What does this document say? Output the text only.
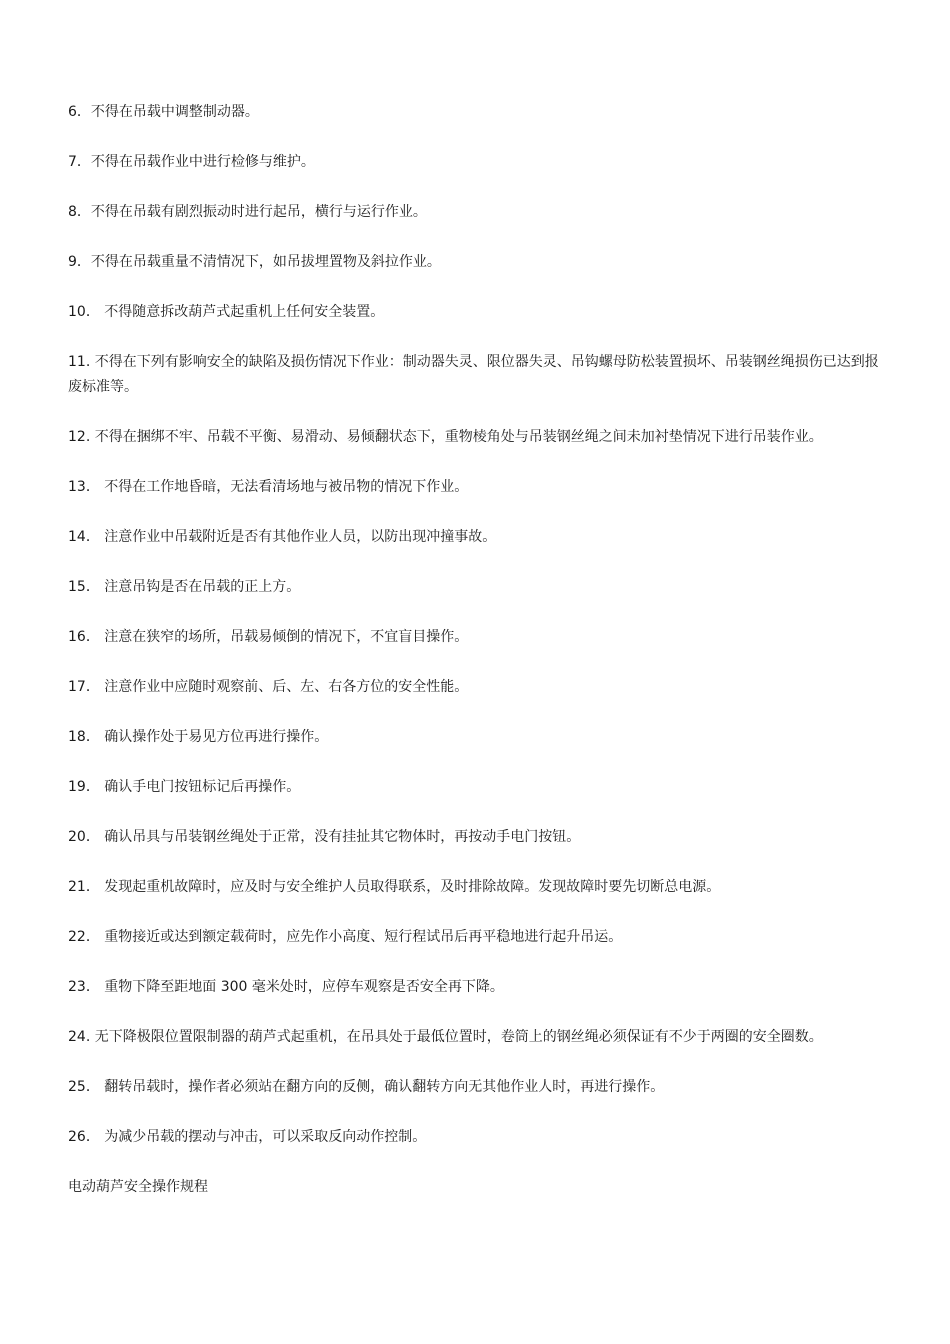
6．不得在吊载中调整制动器。

7．不得在吊载作业中进行检修与维护。

8．不得在吊载有剧烈振动时进行起吊，横行与运行作业。

9．不得在吊载重量不清情况下，如吊拔埋置物及斜拉作业。

10． 不得随意拆改葫芦式起重机上任何安全装置。

11. 不得在下列有影响安全的缺陷及损伤情况下作业：制动器失灵、限位器失灵、吊钩螺母防松装置损坏、吊装钢丝绳损伤已达到报废标准等。

12. 不得在捆绑不牢、吊载不平衡、易滑动、易倾翻状态下，重物棱角处与吊装钢丝绳之间未加衬垫情况下进行吊装作业。

13． 不得在工作地昏暗，无法看清场地与被吊物的情况下作业。

14． 注意作业中吊载附近是否有其他作业人员，以防出现冲撞事故。

15． 注意吊钩是否在吊载的正上方。

16． 注意在狭窄的场所，吊载易倾倒的情况下，不宜盲目操作。

17． 注意作业中应随时观察前、后、左、右各方位的安全性能。

18． 确认操作处于易见方位再进行操作。

19． 确认手电门按钮标记后再操作。

20． 确认吊具与吊装钢丝绳处于正常，没有挂扯其它物体时，再按动手电门按钮。

21． 发现起重机故障时，应及时与安全维护人员取得联系，及时排除故障。发现故障时要先切断总电源。

22． 重物接近或达到额定载荷时，应先作小高度、短行程试吊后再平稳地进行起升吊运。

23． 重物下降至距地面 300 毫米处时，应停车观察是否安全再下降。

24. 无下降极限位置限制器的葫芦式起重机，在吊具处于最低位置时，卷筒上的钢丝绳必须保证有不少于两圈的安全圈数。

25． 翻转吊载时，操作者必须站在翻方向的反侧，确认翻转方向无其他作业人时，再进行操作。

26． 为减少吊载的摆动与冲击，可以采取反向动作控制。

电动葫芦安全操作规程
